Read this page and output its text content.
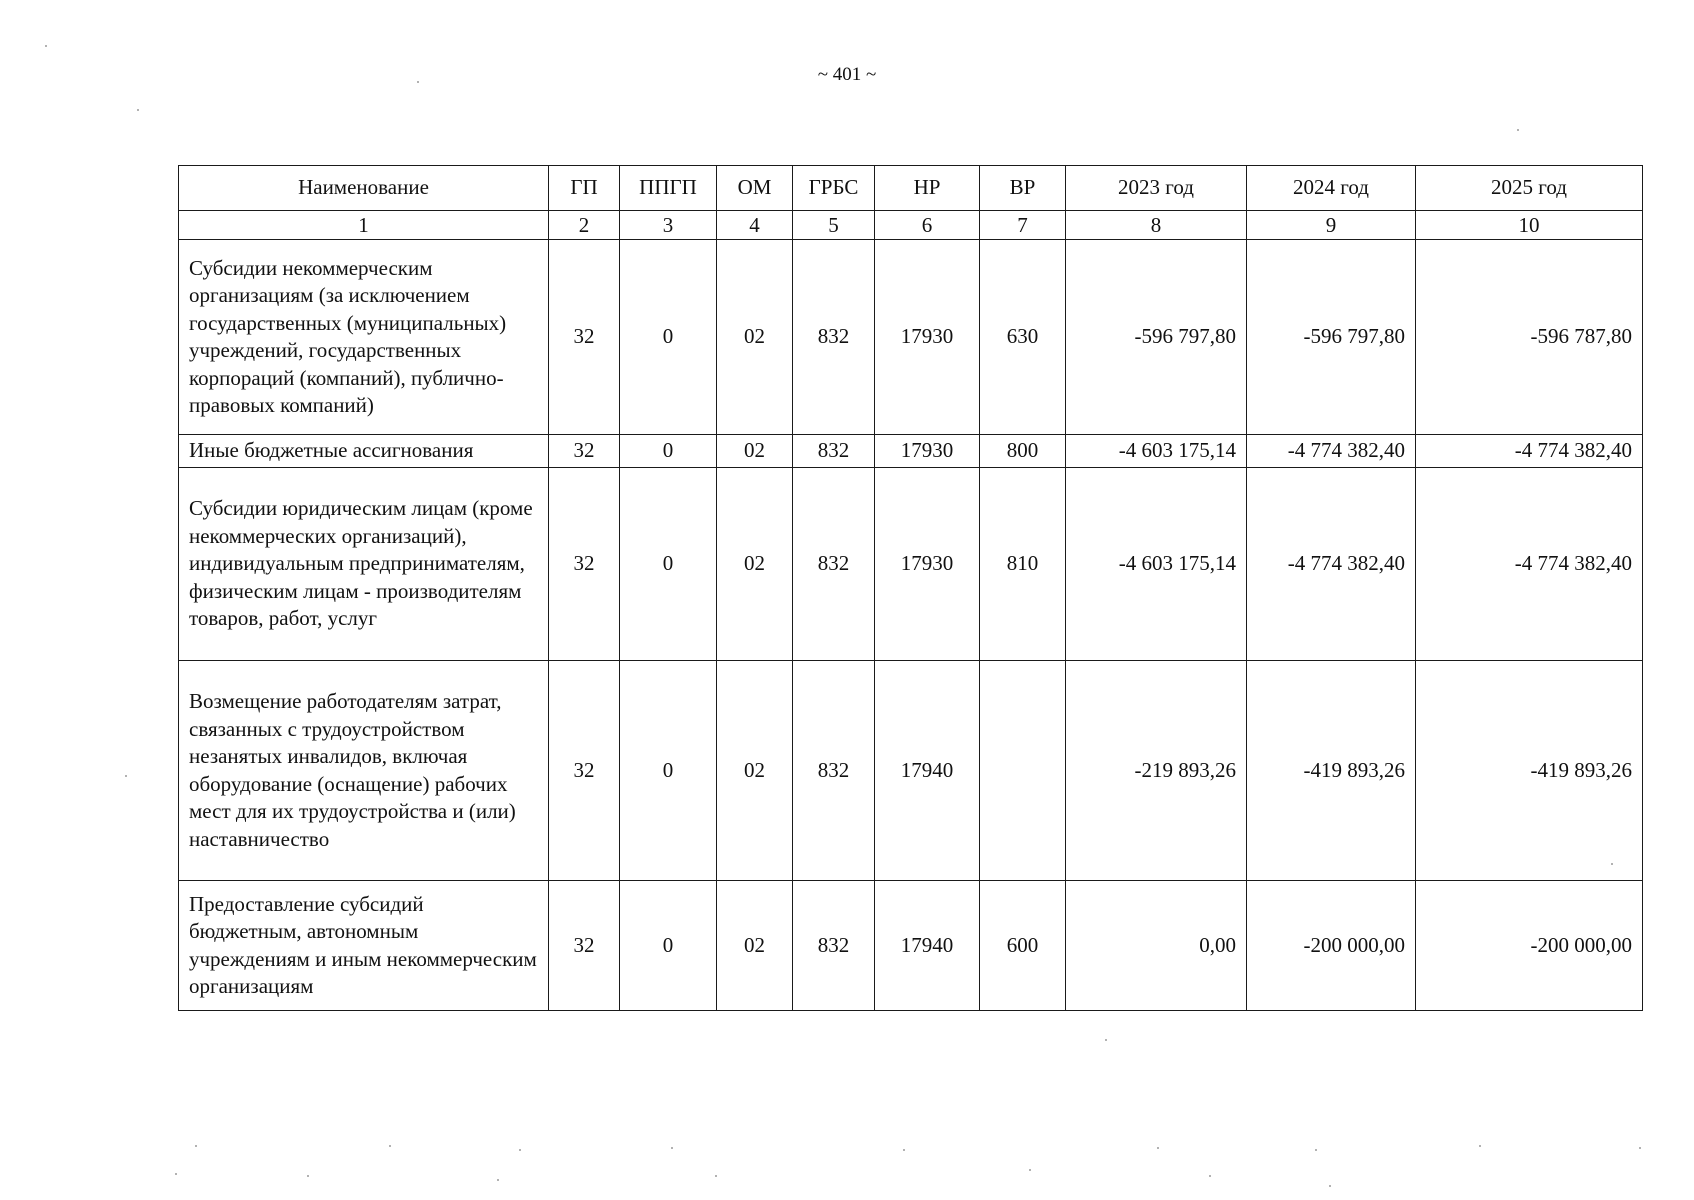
~ 401 ~
Наименование	ГП	ППГП	ОМ	ГРБС	НР	ВР	2023 год	2024 год	2025 год
1	2	3	4	5	6	7	8	9	10
Субсидии некоммерческим организациям (за исключением государственных (муниципальных) учреждений, государственных корпораций (компаний), публично-правовых компаний)	32	0	02	832	17930	630	-596 797,80	-596 797,80	-596 787,80
Иные бюджетные ассигнования	32	0	02	832	17930	800	-4 603 175,14	-4 774 382,40	-4 774 382,40
Субсидии юридическим лицам (кроме некоммерческих организаций), индивидуальным предпринимателям, физическим лицам - производителям товаров, работ, услуг	32	0	02	832	17930	810	-4 603 175,14	-4 774 382,40	-4 774 382,40
Возмещение работодателям затрат, связанных с трудоустройством незанятых инвалидов, включая оборудование (оснащение) рабочих мест для их трудоустройства и (или) наставничество	32	0	02	832	17940		-219 893,26	-419 893,26	-419 893,26
Предоставление субсидий бюджетным, автономным учреждениям и иным некоммерческим организациям	32	0	02	832	17940	600	0,00	-200 000,00	-200 000,00
